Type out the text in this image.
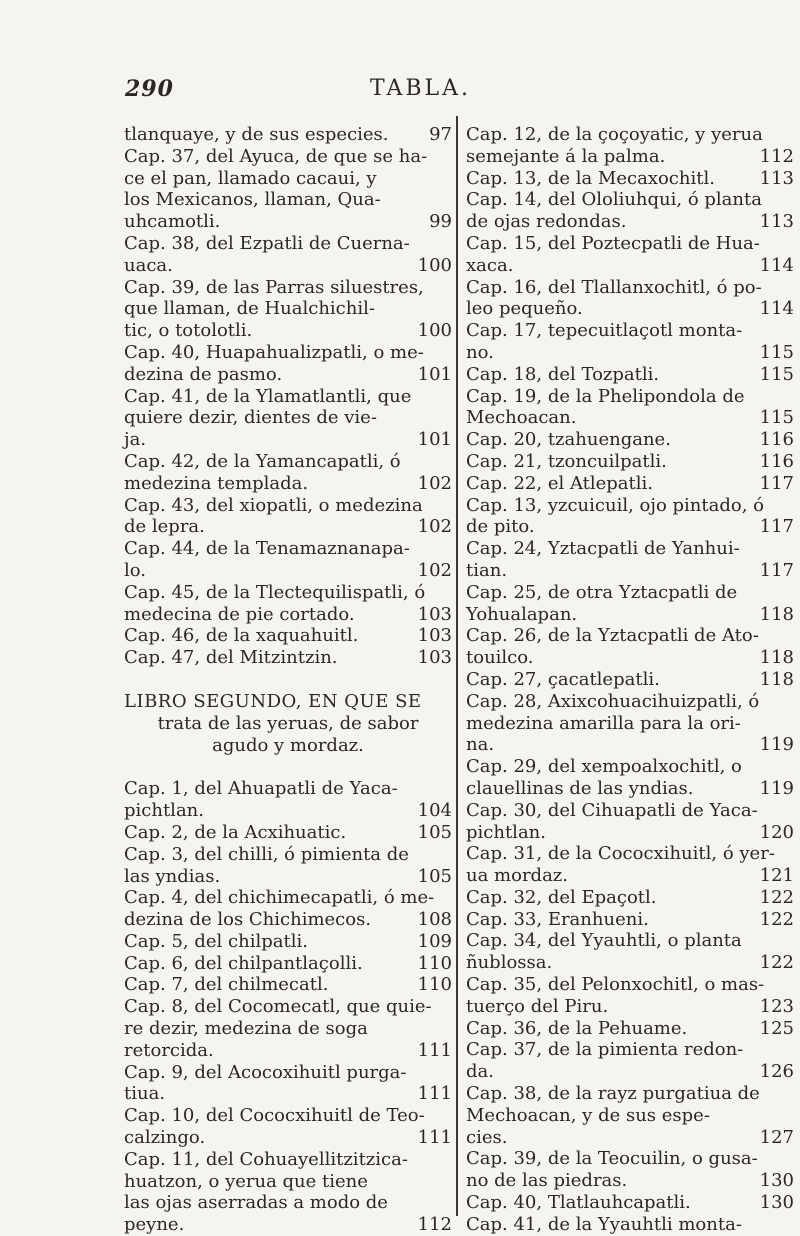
290	TABLA.
tlanquaye, y de sus especies. 97
Cap. 37, del Ayuca, de que se ha-
ce el pan, llamado cacaui, y
los Mexicanos, llaman, Qua-
uhcamotli.	99
Cap. 38, del Ezpatli de Cuerna-
uaca.	100
Cap. 39, de las Parras siluestres,
que llaman, de Hualchichil-
tic, o totolotli.	100
Cap. 40, Huapahualizpatli, o me-
dezina de pasmo.	101
Cap. 41, de la Ylamatlantli, que
quiere dezir, dientes de vie-
ja.	101
Cap. 42, de la Yamancapatli, ó
medezina templada.	102
Cap. 43, del xiopatli, o medezina
de lepra.	102
Cap. 44, de la Tenamaznanapa-
lo.	102
Cap. 45, de la Tlectequilispatli, ó
medecina de pie cortado.	103
Cap. 46, de la xaquahuitl.	103
Cap. 47, del Mitzintzin.	103
LIBRO SEGUNDO, EN QUE SE
trata de las yeruas, de sabor
agudo y mordaz.
Cap. 1, del Ahuapatli de Yaca-
pichtlan.	104
Cap. 2, de la Acxihuatic.	105
Cap. 3, del chilli, ó pimienta de
las yndias.	105
Cap. 4, del chichimecapatli, ó me-
dezina de los Chichimecos.	108
Cap. 5, del chilpatli.	109
Cap. 6, del chilpantlaçolli.	110
Cap. 7, del chilmecatl.	110
Cap. 8, del Cocomecatl, que quie-
re dezir, medezina de soga
retorcida.	111
Cap. 9, del Acocoxihuitl purga-
tiua.	111
Cap. 10, del Cococxihuitl de Teo-
calzingo.	111
Cap. 11, del Cohuayellitzitzica-
huatzon, o yerua que tiene
las ojas aserradas a modo de
peyne.	112
Cap. 12, de la çoçoyatic, y yerua
semejante á la palma.	112
Cap. 13, de la Mecaxochitl. 113
Cap. 14, del Ololiuhqui, ó planta
de ojas redondas.	113
Cap. 15, del Poztecpatli de Hua-
xaca.	114
Cap. 16, del Tlallanxochitl, ó po-
leo pequeño.	114
Cap. 17, tepecuitlaçotl monta-
no.	115
Cap. 18, del Tozpatli.	115
Cap. 19, de la Phelipondola de
Mechoacan.	115
Cap. 20, tzahuengane.	116
Cap. 21, tzoncuilpatli.	116
Cap. 22, el Atlepatli.	117
Cap. 13, yzcuicuil, ojo pintado, ó
de pito.	117
Cap. 24, Yztacpatli de Yanhui-
tian.	117
Cap. 25, de otra Yztacpatli de
Yohualapan.	118
Cap. 26, de la Yztacpatli de Ato-
touilco.	118
Cap. 27, çacatlepatli.	118
Cap. 28, Axixcohuacihuizpatli, ó
medezina amarilla para la ori-
na.	119
Cap. 29, del xempoalxochitl, o
clauellinas de las yndias.	119
Cap. 30, del Cihuapatli de Yaca-
pichtlan.	120
Cap. 31, de la Cococxihuitl, ó yer-
ua mordaz.	121
Cap. 32, del Epaçotl.	122
Cap. 33, Eranhueni.	122
Cap. 34, del Yyauhtli, o planta
ñublossa.	122
Cap. 35, del Pelonxochitl, o mas-
tuerço del Piru.	123
Cap. 36, de la Pehuame.	125
Cap. 37, de la pimienta redon-
da.	126
Cap. 38, de la rayz purgatiua de
Mechoacan, y de sus espe-
cies.	127
Cap. 39, de la Teocuilin, o gusa-
no de las piedras.	130
Cap. 40, Tlatlauhcapatli.	130
Cap. 41, de la Yyauhtli monta-
